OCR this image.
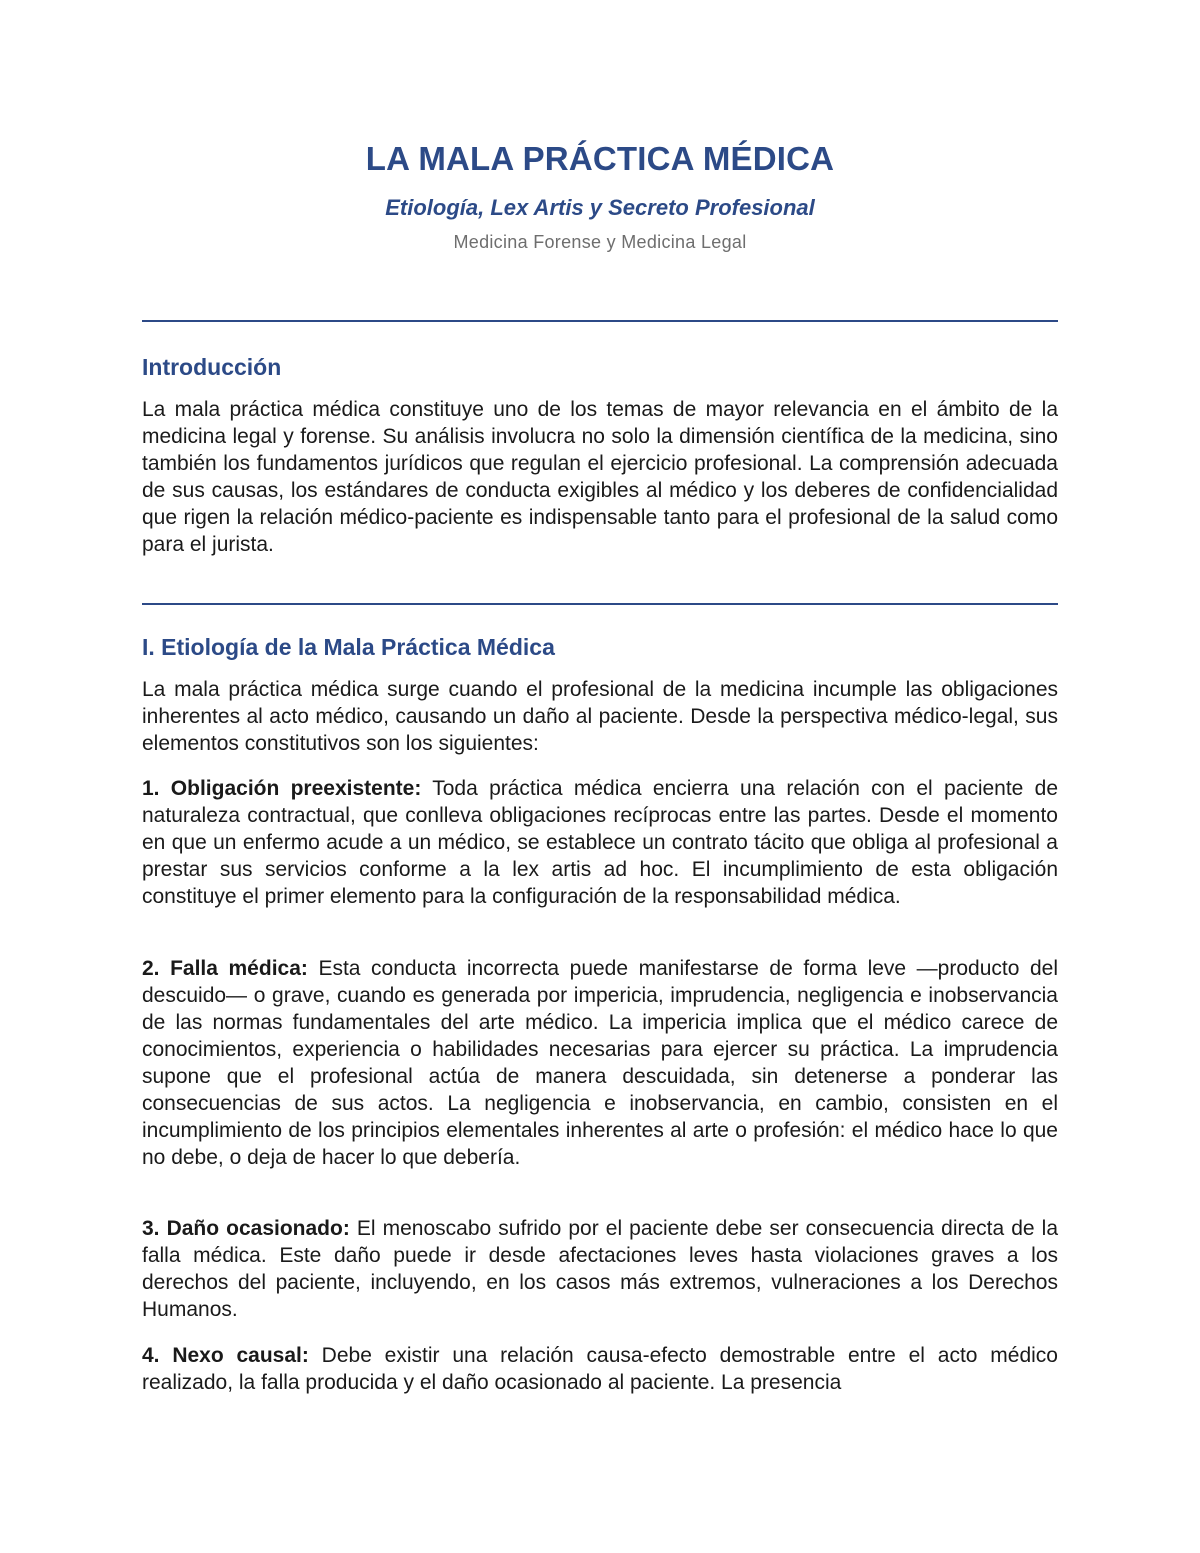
LA MALA PRÁCTICA MÉDICA

Etiología, Lex Artis y Secreto Profesional

Medicina Forense y Medicina Legal

Introducción

La mala práctica médica constituye uno de los temas de mayor relevancia en el ámbito de la medicina legal y forense. Su análisis involucra no solo la dimensión científica de la medicina, sino también los fundamentos jurídicos que regulan el ejercicio profesional. La comprensión adecuada de sus causas, los estándares de conducta exigibles al médico y los deberes de confidencialidad que rigen la relación médico-paciente es indispensable tanto para el profesional de la salud como para el jurista.

I. Etiología de la Mala Práctica Médica

La mala práctica médica surge cuando el profesional de la medicina incumple las obligaciones inherentes al acto médico, causando un daño al paciente. Desde la perspectiva médico-legal, sus elementos constitutivos son los siguientes:

1. Obligación preexistente: Toda práctica médica encierra una relación con el paciente de naturaleza contractual, que conlleva obligaciones recíprocas entre las partes. Desde el momento en que un enfermo acude a un médico, se establece un contrato tácito que obliga al profesional a prestar sus servicios conforme a la lex artis ad hoc. El incumplimiento de esta obligación constituye el primer elemento para la configuración de la responsabilidad médica.

2. Falla médica: Esta conducta incorrecta puede manifestarse de forma leve —producto del descuido— o grave, cuando es generada por impericia, imprudencia, negligencia e inobservancia de las normas fundamentales del arte médico. La impericia implica que el médico carece de conocimientos, experiencia o habilidades necesarias para ejercer su práctica. La imprudencia supone que el profesional actúa de manera descuidada, sin detenerse a ponderar las consecuencias de sus actos. La negligencia e inobservancia, en cambio, consisten en el incumplimiento de los principios elementales inherentes al arte o profesión: el médico hace lo que no debe, o deja de hacer lo que debería.

3. Daño ocasionado: El menoscabo sufrido por el paciente debe ser consecuencia directa de la falla médica. Este daño puede ir desde afectaciones leves hasta violaciones graves a los derechos del paciente, incluyendo, en los casos más extremos, vulneraciones a los Derechos Humanos.

4. Nexo causal: Debe existir una relación causa-efecto demostrable entre el acto médico realizado, la falla producida y el daño ocasionado al paciente. La presencia
